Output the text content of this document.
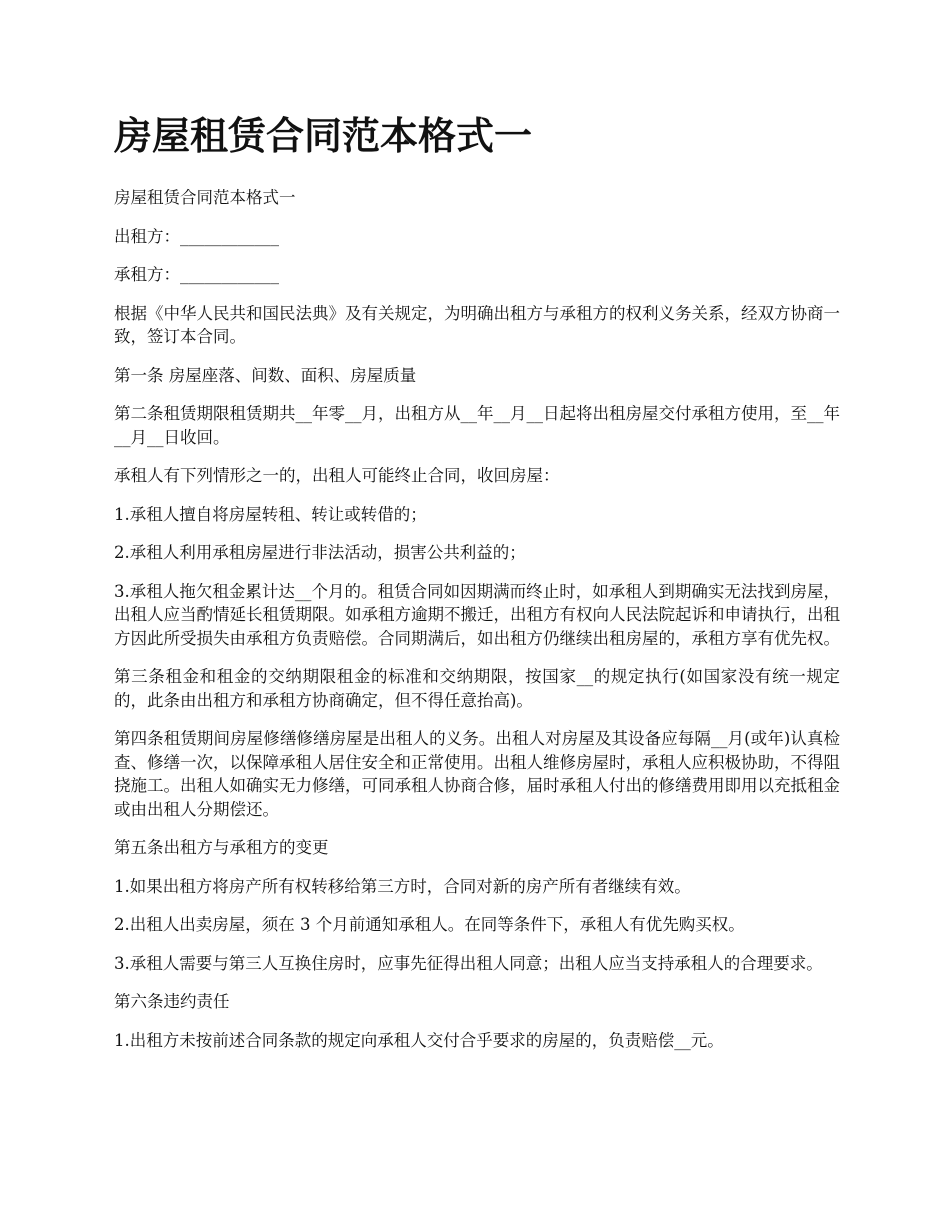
房屋租赁合同范本格式一

房屋租赁合同范本格式一

出租方：____________

承租方：____________

根据《中华人民共和国民法典》及有关规定，为明确出租方与承租方的权利义务关系，经双方协商一致，签订本合同。

第一条 房屋座落、间数、面积、房屋质量

第二条租赁期限租赁期共__年零__月，出租方从__年__月__日起将出租房屋交付承租方使用，至__年__月__日收回。

承租人有下列情形之一的，出租人可能终止合同，收回房屋：

1.承租人擅自将房屋转租、转让或转借的；

2.承租人利用承租房屋进行非法活动，损害公共利益的；

3.承租人拖欠租金累计达__个月的。租赁合同如因期满而终止时，如承租人到期确实无法找到房屋，出租人应当酌情延长租赁期限。如承租方逾期不搬迁，出租方有权向人民法院起诉和申请执行，出租方因此所受损失由承租方负责赔偿。合同期满后，如出租方仍继续出租房屋的，承租方享有优先权。

第三条租金和租金的交纳期限租金的标准和交纳期限，按国家__的规定执行(如国家没有统一规定的，此条由出租方和承租方协商确定，但不得任意抬高)。

第四条租赁期间房屋修缮修缮房屋是出租人的义务。出租人对房屋及其设备应每隔__月(或年)认真检查、修缮一次，以保障承租人居住安全和正常使用。出租人维修房屋时，承租人应积极协助，不得阻挠施工。出租人如确实无力修缮，可同承租人协商合修，届时承租人付出的修缮费用即用以充抵租金或由出租人分期偿还。

第五条出租方与承租方的变更

1.如果出租方将房产所有权转移给第三方时，合同对新的房产所有者继续有效。

2.出租人出卖房屋，须在 3 个月前通知承租人。在同等条件下，承租人有优先购买权。

3.承租人需要与第三人互换住房时，应事先征得出租人同意；出租人应当支持承租人的合理要求。

第六条违约责任

1.出租方未按前述合同条款的规定向承租人交付合乎要求的房屋的，负责赔偿__元。
